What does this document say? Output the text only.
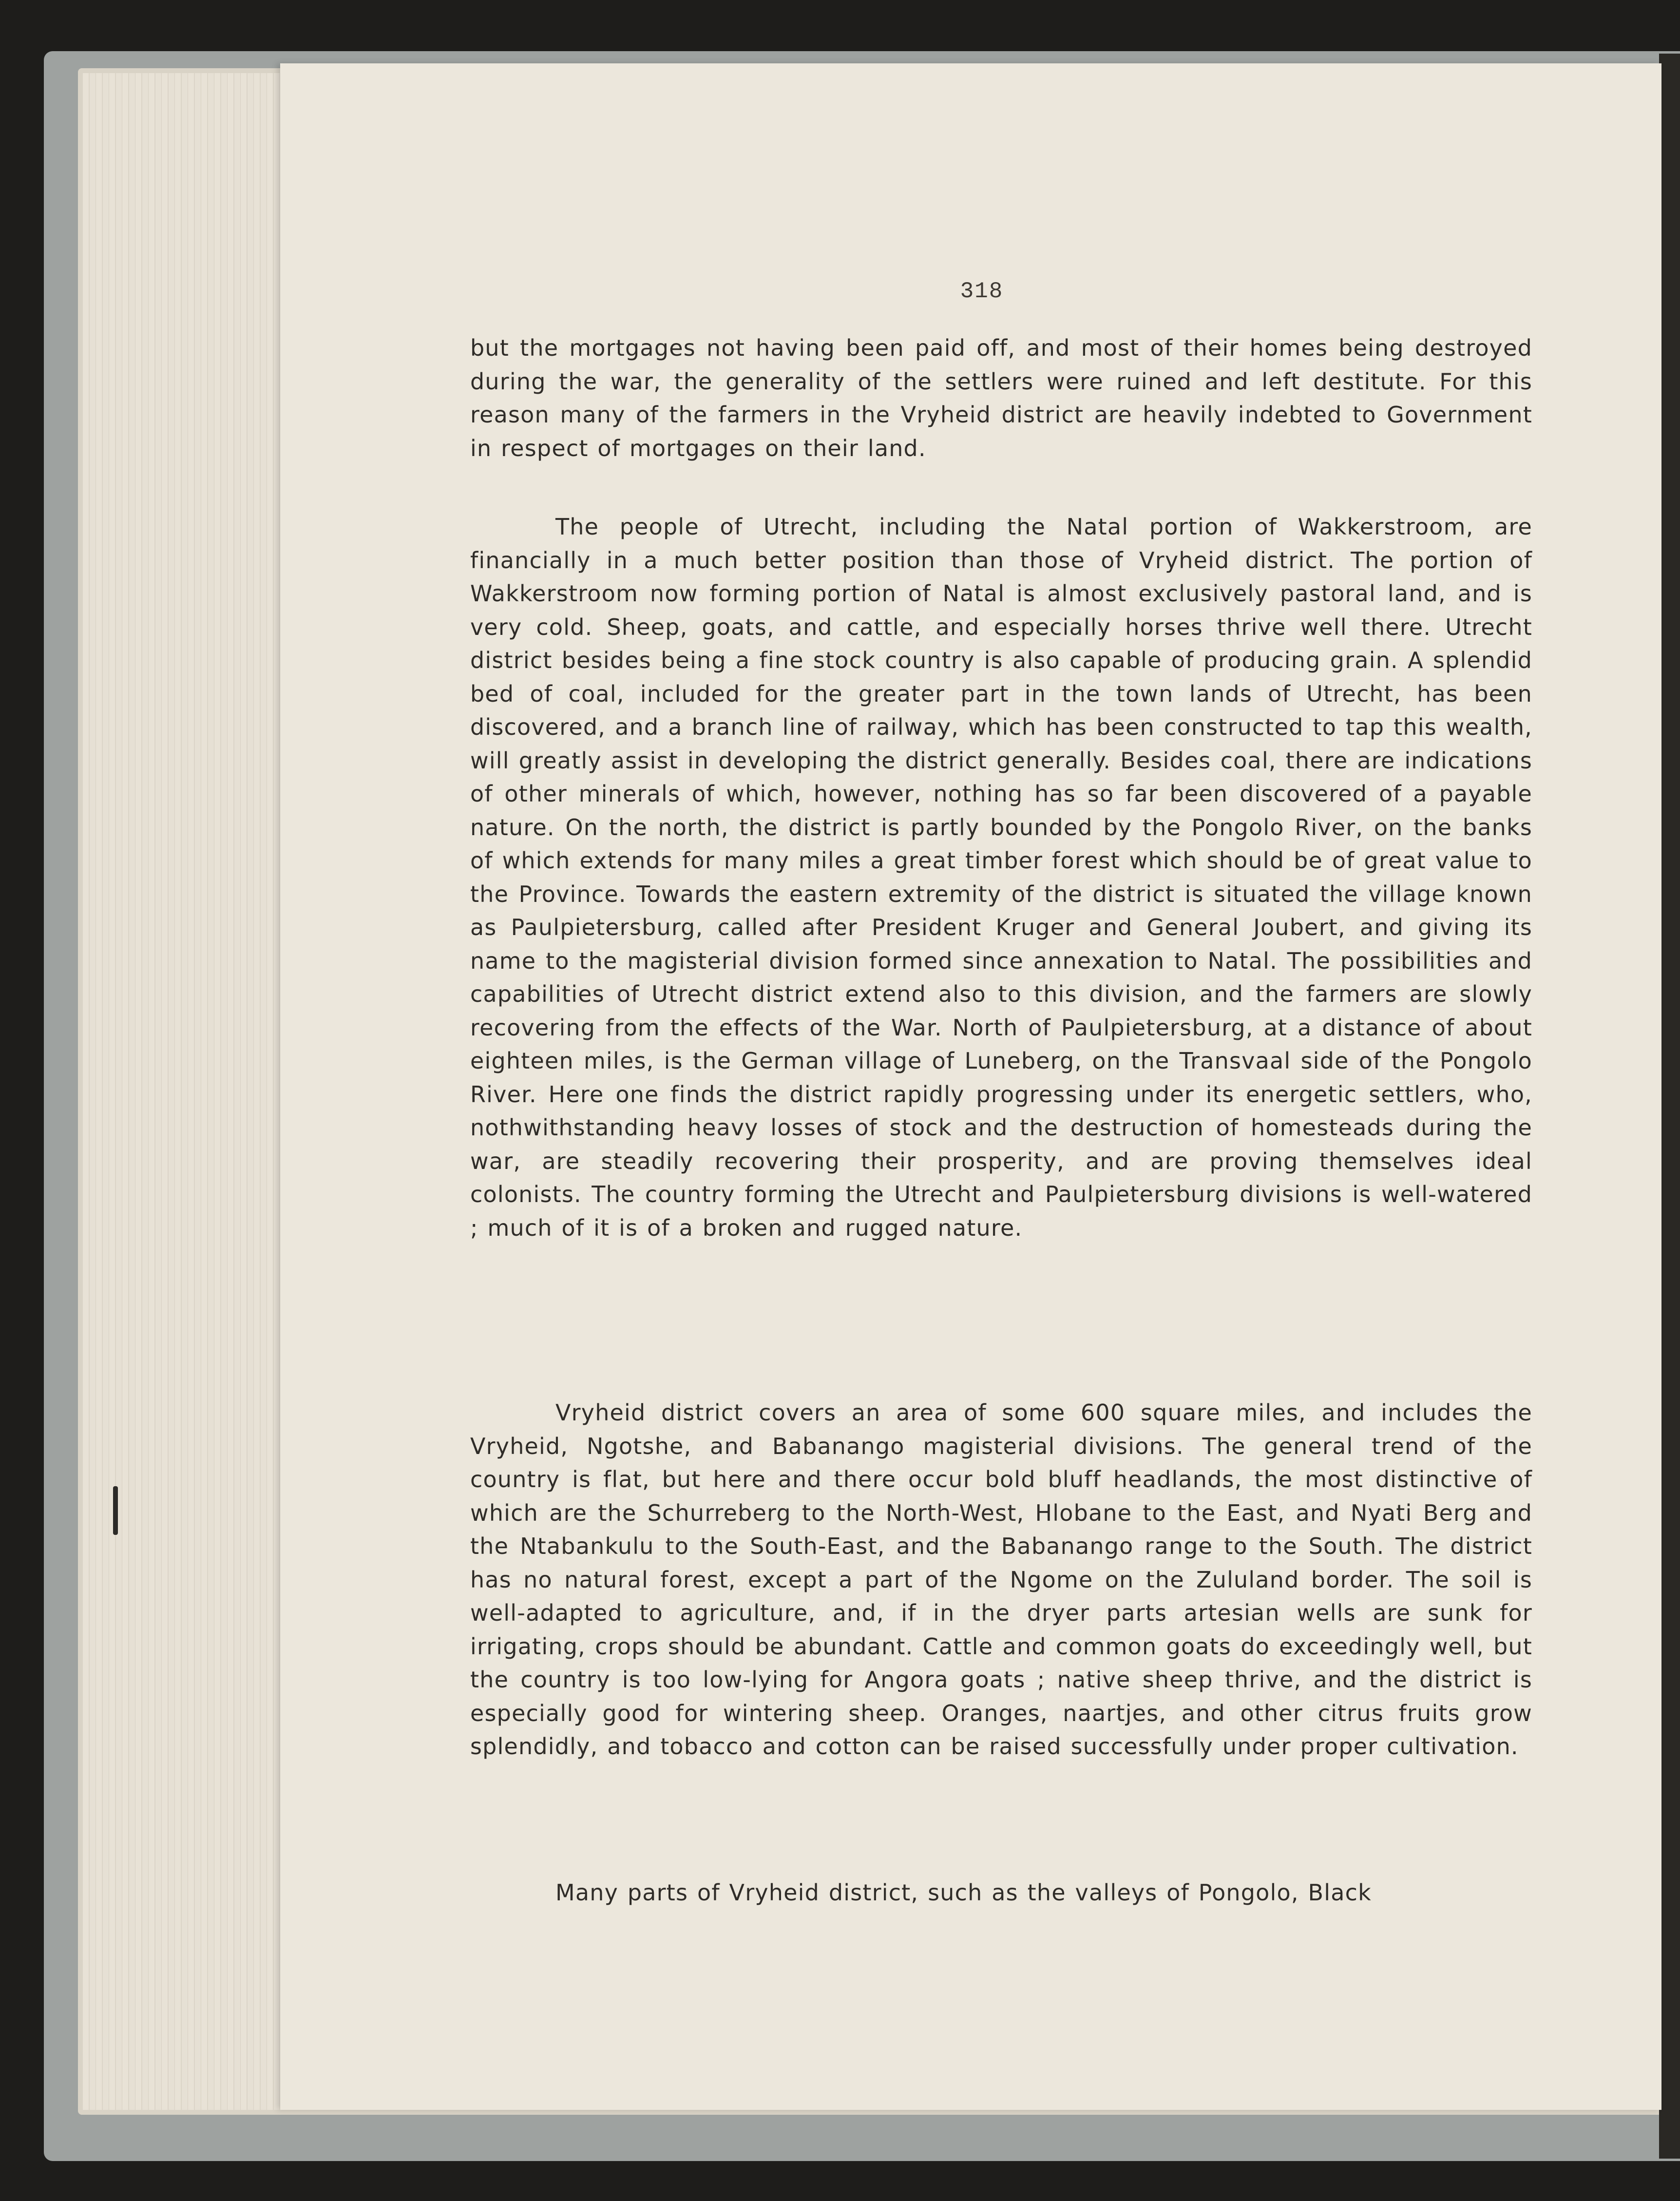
318

but the mortgages not having been paid off, and most of their homes being destroyed during the war, the generality of the settlers were ruined and left destitute. For this reason many of the farmers in the Vryheid district are heavily indebted to Government in respect of mortgages on their land.

The people of Utrecht, including the Natal portion of Wakkerstroom, are financially in a much better position than those of Vryheid district. The portion of Wakkerstroom now forming portion of Natal is almost exclusively pastoral land, and is very cold. Sheep, goats, and cattle, and especially horses thrive well there. Utrecht district besides being a fine stock country is also capable of producing grain. A splendid bed of coal, included for the greater part in the town lands of Utrecht, has been discovered, and a branch line of railway, which has been constructed to tap this wealth, will greatly assist in developing the district generally. Besides coal, there are indications of other minerals of which, however, nothing has so far been discovered of a payable nature. On the north, the district is partly bounded by the Pongolo River, on the banks of which extends for many miles a great timber forest which should be of great value to the Province. Towards the eastern extremity of the district is situated the village known as Paulpietersburg, called after President Kruger and General Joubert, and giving its name to the magisterial division formed since annexation to Natal. The possibilities and capabilities of Utrecht district extend also to this division, and the farmers are slowly recovering from the effects of the War. North of Paulpietersburg, at a distance of about eighteen miles, is the German village of Luneberg, on the Transvaal side of the Pongolo River. Here one finds the district rapidly progressing under its energetic settlers, who, nothwithstanding heavy losses of stock and the destruction of homesteads during the war, are steadily recovering their prosperity, and are proving themselves ideal colonists. The country forming the Utrecht and Paulpietersburg divisions is well-watered ; much of it is of a broken and rugged nature.

Vryheid district covers an area of some 600 square miles, and includes the Vryheid, Ngotshe, and Babanango magisterial divisions. The general trend of the country is flat, but here and there occur bold bluff headlands, the most distinctive of which are the Schurreberg to the North-West, Hlobane to the East, and Nyati Berg and the Ntabankulu to the South-East, and the Babanango range to the South. The district has no natural forest, except a part of the Ngome on the Zululand border. The soil is well-adapted to agriculture, and, if in the dryer parts artesian wells are sunk for irrigating, crops should be abundant. Cattle and common goats do exceedingly well, but the country is too low-lying for Angora goats ; native sheep thrive, and the district is especially good for wintering sheep. Oranges, naartjes, and other citrus fruits grow splendidly, and tobacco and cotton can be raised successfully under proper cultivation.

Many parts of Vryheid district, such as the valleys of Pongolo, Black
